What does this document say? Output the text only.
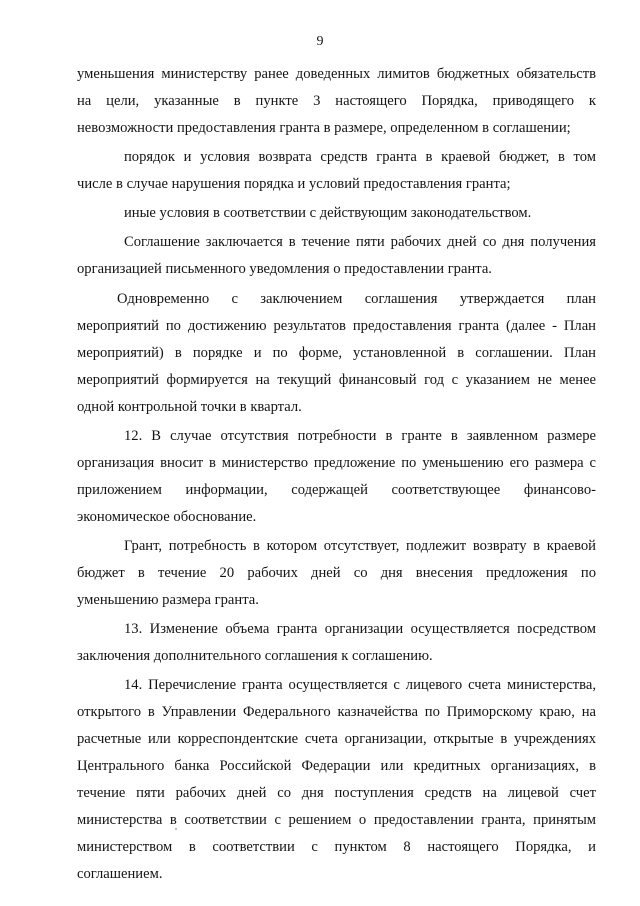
9
уменьшения министерству ранее доведенных лимитов бюджетных обязательств
на цели, указанные в пункте 3 настоящего Порядка, приводящего к
невозможности предоставления гранта в размере, определенном в соглашении;
порядок и условия возврата средств гранта в краевой бюджет, в том
числе в случае нарушения порядка и условий предоставления гранта;
иные условия в соответствии с действующим законодательством.
Соглашение заключается в течение пяти рабочих дней со дня получения
организацией письменного уведомления о предоставлении гранта.
Одновременно с заключением соглашения утверждается план
мероприятий по достижению результатов предоставления гранта (далее - План
мероприятий) в порядке и по форме, установленной в соглашении. План
мероприятий формируется на текущий финансовый год с указанием не менее
одной контрольной точки в квартал.
12. В случае отсутствия потребности в гранте в заявленном размере
организация вносит в министерство предложение по уменьшению его размера с
приложением информации, содержащей соответствующее финансово-
экономическое обоснование.
Грант, потребность в котором отсутствует, подлежит возврату в краевой
бюджет в течение 20 рабочих дней со дня внесения предложения по
уменьшению размера гранта.
13. Изменение объема гранта организации осуществляется посредством
заключения дополнительного соглашения к соглашению.
14. Перечисление гранта осуществляется с лицевого счета министерства,
открытого в Управлении Федерального казначейства по Приморскому краю, на
расчетные или корреспондентские счета организации, открытые в учреждениях
Центрального банка Российской Федерации или кредитных организациях, в
течение пяти рабочих дней со дня поступления средств на лицевой счет
министерства в соответствии с решением о предоставлении гранта, принятым
министерством в соответствии с пунктом 8 настоящего Порядка, и
соглашением.
